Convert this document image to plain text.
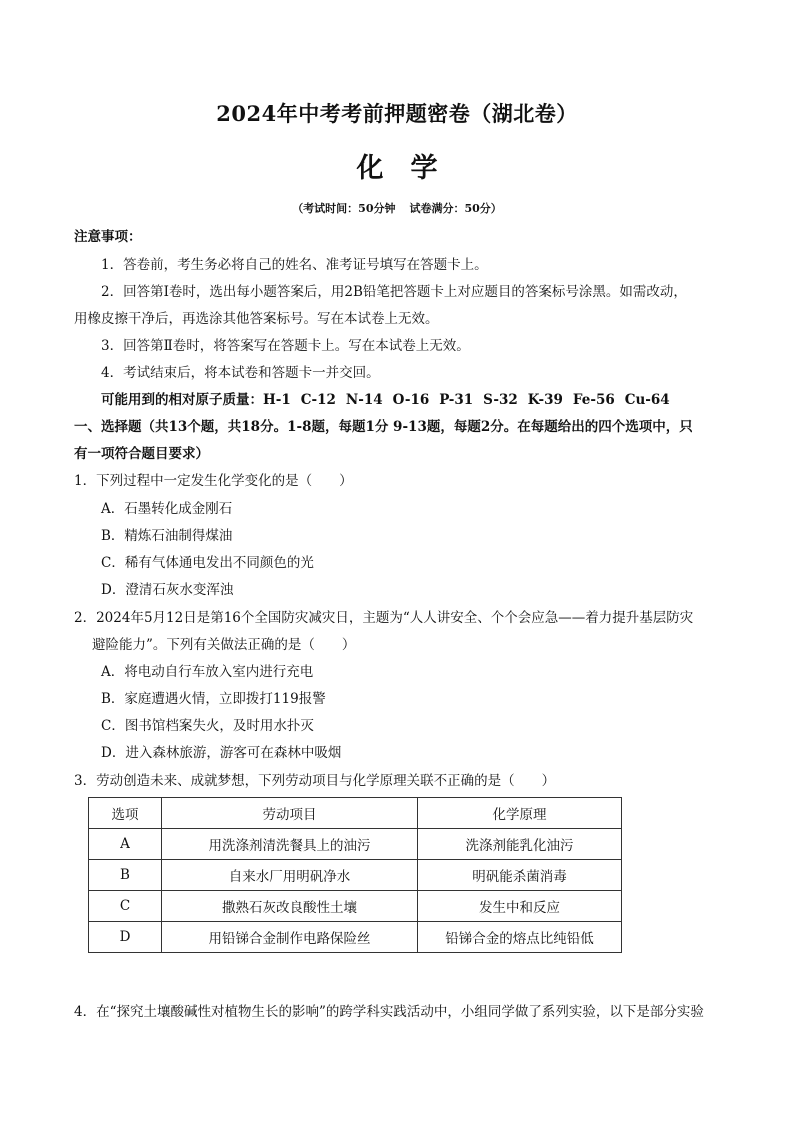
2024年中考考前押题密卷（湖北卷）
化　学
（考试时间：50分钟 试卷满分：50分）
注意事项：
1．答卷前，考生务必将自己的姓名、准考证号填写在答题卡上。
2．回答第Ⅰ卷时，选出每小题答案后，用2B铅笔把答题卡上对应题目的答案标号涂黑。如需改动，
用橡皮擦干净后，再选涂其他答案标号。写在本试卷上无效。
3．回答第Ⅱ卷时，将答案写在答题卡上。写在本试卷上无效。
4．考试结束后，将本试卷和答题卡一并交回。
可能用到的相对原子质量：H-1 C-12 N-14 O-16 P-31 S-32 K-39 Fe-56 Cu-64
一、选择题（共13个题，共18分。1-8题，每题1分 9-13题，每题2分。在每题给出的四个选项中，只
有一项符合题目要求）
1．下列过程中一定发生化学变化的是（　　）
A．石墨转化成金刚石
B．精炼石油制得煤油
C．稀有气体通电发出不同颜色的光
D．澄清石灰水变浑浊
2．2024年5月12日是第16个全国防灾减灾日，主题为“人人讲安全、个个会应急——着力提升基层防灾
避险能力”。下列有关做法正确的是（　　）
A．将电动自行车放入室内进行充电
B．家庭遭遇火情，立即拨打119报警
C．图书馆档案失火，及时用水扑灭
D．进入森林旅游，游客可在森林中吸烟
3．劳动创造未来、成就梦想，下列劳动项目与化学原理关联不正确的是（　　）
选项	劳动项目	化学原理
A	用洗涤剂清洗餐具上的油污	洗涤剂能乳化油污
B	自来水厂用明矾净水	明矾能杀菌消毒
C	撒熟石灰改良酸性土壤	发生中和反应
D	用铅锑合金制作电路保险丝	铅锑合金的熔点比纯铅低
4．在“探究土壤酸碱性对植物生长的影响”的跨学科实践活动中，小组同学做了系列实验，以下是部分实验
